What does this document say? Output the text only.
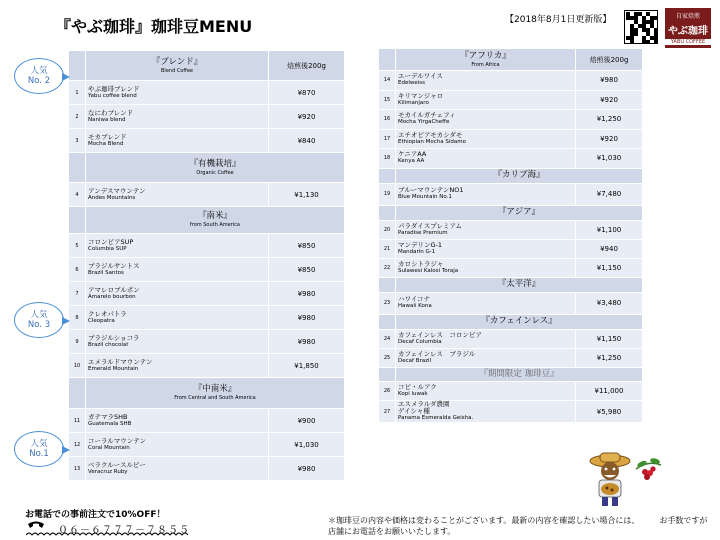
『やぶ珈琲』珈琲豆MENU	【2018年8月1日更新版】	自家焙煎
やぶ珈琲
YABU COFFEE

	『ブレンド』
Blend Coffee	焙煎後200g
1	やぶ珈琲ブレンド
Yabu coffee blend	¥870
2	なにわブレンド
Naniwa blend	¥920
3	モカブレンド
Mocha Blend	¥840

	『有機栽培』
Organic Coffee	

4	アンデスマウンテン
Andes Mountains	¥1,130

	『南米』
from South America	

5	コロンビアSUP
Columbia SUP	¥850
6	ブラジルサントス
Brazil Santos	¥850
7	アマレロブルボン
Amarelo bourbon	¥980
8	クレオパトラ
Cleopatra	¥980
9	ブラジルショコラ
Brazil chocolat	¥980
10	エメラルドマウンテン
Emerald Mountain	¥1,850

	『中南米』
From Central and South America	

11	ガテマラSHB
Guatemala SHB	¥900
12	コーラルマウンテン
Coral Mountain	¥1,030
13	ベラクルースルビー
Veracruz Ruby	¥980

	『アフリカ』
From Africa	焙煎後200g
14	エーデルワイス
Edelweiss	¥980
15	キリマンジャロ
Kilimanjaro	¥920
16	モカイルガチェフィ
Mocha YirgaCheffe	¥1,250
17	エチオピアモカシダモ
Ethiopian Mocha Sidamo	¥920
18	ケニアAA
Kenya AA	¥1,030

	『カリブ海』	

19	ブルーマウンテンNO1
Blue Mountain No.1	¥7,480

	『アジア』	

20	パラダイスプレミアム
Paradise Premium	¥1,100
21	マンデリンG-1
Mandarin G-1	¥940
22	カロシトラジャ
Sulawesi Kalosi Toraja	¥1,150

	『太平洋』	

23	ハワイコナ
Hawaii Kona	¥3,480

	『カフェインレス』	

24	カフェインレス　コロンビア
Decaf Columbia	¥1,150
25	カフェインレス　ブラジル
Decaf Brazil	¥1,250

	『期間限定 珈琲豆』	

26	コピ・ルアク
Kopi luwak	¥11,000
27	エスメラルダ農園
ゲイシャ種
Panama Esmeralda Geisha.	¥5,980
人気
No. 2
人気
No. 3
人気
No.1
お電話での事前注文で10%OFF！
０６－６７７７－７８５５
＊珈琲豆の内容や価格は変わることがございます。最新の内容を確認したい場合には、　　　お手数ですが店舗にお電話をお願いいたします。
